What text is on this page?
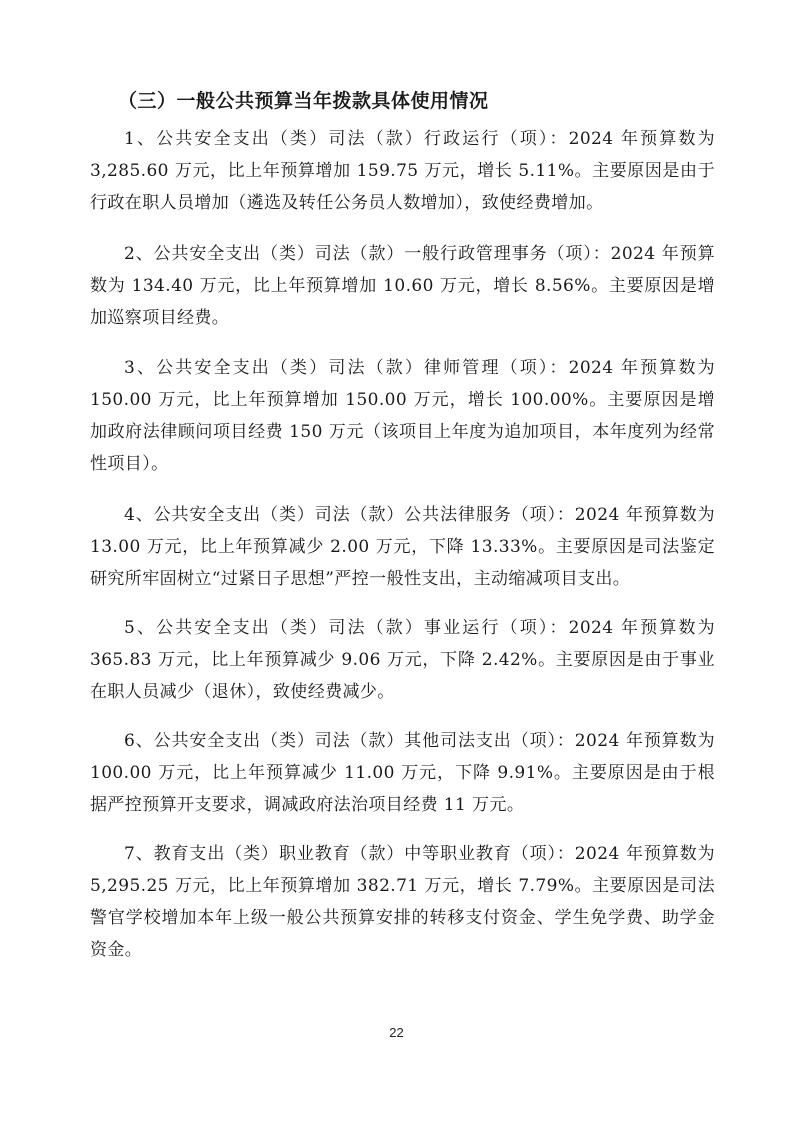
（三）一般公共预算当年拨款具体使用情况

1、公共安全支出（类）司法（款）行政运行（项）：2024 年预算数为 3,285.60 万元，比上年预算增加 159.75 万元，增长 5.11%。主要原因是由于行政在职人员增加（遴选及转任公务员人数增加），致使经费增加。

2、公共安全支出（类）司法（款）一般行政管理事务（项）：2024 年预算数为 134.40 万元，比上年预算增加 10.60 万元，增长 8.56%。主要原因是增加巡察项目经费。

3、公共安全支出（类）司法（款）律师管理（项）：2024 年预算数为 150.00 万元，比上年预算增加 150.00 万元，增长 100.00%。主要原因是增加政府法律顾问项目经费 150 万元（该项目上年度为追加项目，本年度列为经常性项目）。

4、公共安全支出（类）司法（款）公共法律服务（项）：2024 年预算数为 13.00 万元，比上年预算减少 2.00 万元，下降 13.33%。主要原因是司法鉴定研究所牢固树立“过紧日子思想”严控一般性支出，主动缩减项目支出。

5、公共安全支出（类）司法（款）事业运行（项）：2024 年预算数为 365.83 万元，比上年预算减少 9.06 万元，下降 2.42%。主要原因是由于事业在职人员减少（退休），致使经费减少。

6、公共安全支出（类）司法（款）其他司法支出（项）：2024 年预算数为 100.00 万元，比上年预算减少 11.00 万元，下降 9.91%。主要原因是由于根据严控预算开支要求，调减政府法治项目经费 11 万元。

7、教育支出（类）职业教育（款）中等职业教育（项）：2024 年预算数为 5,295.25 万元，比上年预算增加 382.71 万元，增长 7.79%。主要原因是司法警官学校增加本年上级一般公共预算安排的转移支付资金、学生免学费、助学金资金。

22
